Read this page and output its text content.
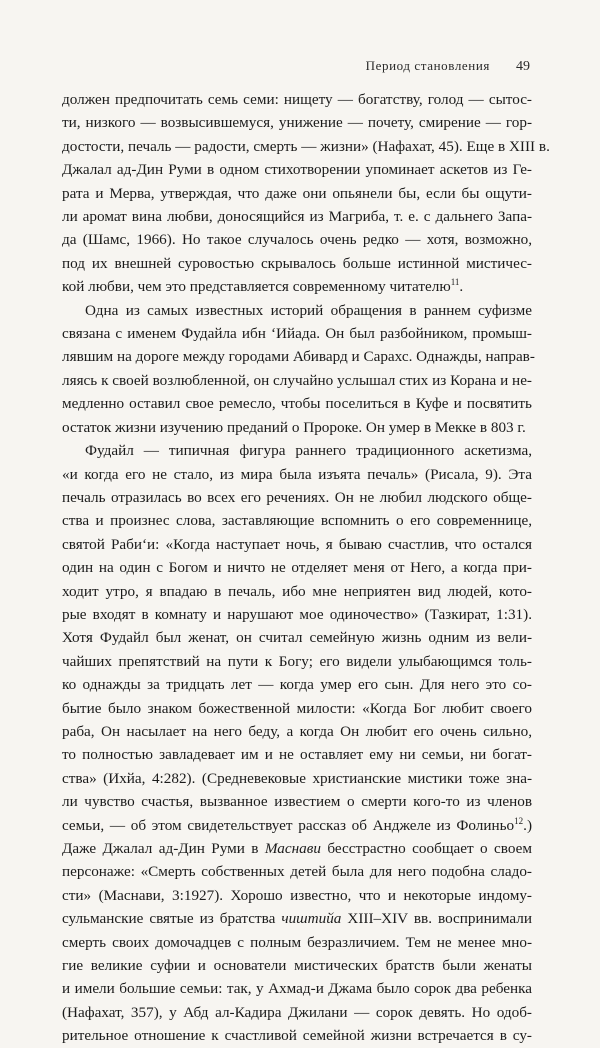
Период становления 49
должен предпочитать семь семи: нищету — богатству, голод — сытос-
ти, низкого — возвысившемуся, унижение — почету, смирение — гор-
достости, печаль — радости, смерть — жизни» (Нафахат, 45). Еще в XIII в.
Джалал ад-Дин Руми в одном стихотворении упоминает аскетов из Ге-
рата и Мерва, утверждая, что даже они опьянели бы, если бы ощути-
ли аромат вина любви, доносящийся из Магриба, т. е. с дальнего Запа-
да (Шамс, 1966). Но такое случалось очень редко — хотя, возможно,
под их внешней суровостью скрывалось больше истинной мистичес-
кой любви, чем это представляется современному читателю$^{11}$.
Одна из самых известных историй обращения в раннем суфизме
связана с именем Фудайла ибн ‘Ийада. Он был разбойником, промыш-
лявшим на дороге между городами Абивард и Сарахс. Однажды, направ-
ляясь к своей возлюбленной, он случайно услышал стих из Корана и не-
медленно оставил свое ремесло, чтобы поселиться в Куфе и посвятить
остаток жизни изучению преданий о Пророке. Он умер в Мекке в 803 г.
Фудайл — типичная фигура раннего традиционного аскетизма,
«и когда его не стало, из мира была изъята печаль» (Рисала, 9). Эта
печаль отразилась во всех его речениях. Он не любил людского обще-
ства и произнес слова, заставляющие вспомнить о его современнице,
святой Раби‘и: «Когда наступает ночь, я бываю счастлив, что остался
один на один с Богом и ничто не отделяет меня от Него, а когда при-
ходит утро, я впадаю в печаль, ибо мне неприятен вид людей, кото-
рые входят в комнату и нарушают мое одиночество» (Тазкират, 1:31).
Хотя Фудайл был женат, он считал семейную жизнь одним из вели-
чайших препятствий на пути к Богу; его видели улыбающимся толь-
ко однажды за тридцать лет — когда умер его сын. Для него это со-
бытие было знаком божественной милости: «Когда Бог любит своего
раба, Он насылает на него беду, а когда Он любит его очень сильно,
то полностью завладевает им и не оставляет ему ни семьи, ни богат-
ства» (Ихйа, 4:282). (Средневековые христианские мистики тоже зна-
ли чувство счастья, вызванное известием о смерти кого-то из членов
семьи, — об этом свидетельствует рассказ об Анджеле из Фолиньо$^{12}$.)
Даже Джалал ад-Дин Руми в Маснави бесстрастно сообщает о своем
персонаже: «Смерть собственных детей была для него подобна сладо-
сти» (Маснави, 3:1927). Хорошо известно, что и некоторые индому-
сульманские святые из братства чиштийа XIII–XIV вв. воспринимали
смерть своих домочадцев с полным безразличием. Тем не менее мно-
гие великие суфии и основатели мистических братств были женаты
и имели большие семьи: так, у Ахмад-и Джама было сорок два ребенка
(Нафахат, 357), у Абд ал-Кадира Джилани — сорок девять. Но одоб-
рительное отношение к счастливой семейной жизни встречается в су-
